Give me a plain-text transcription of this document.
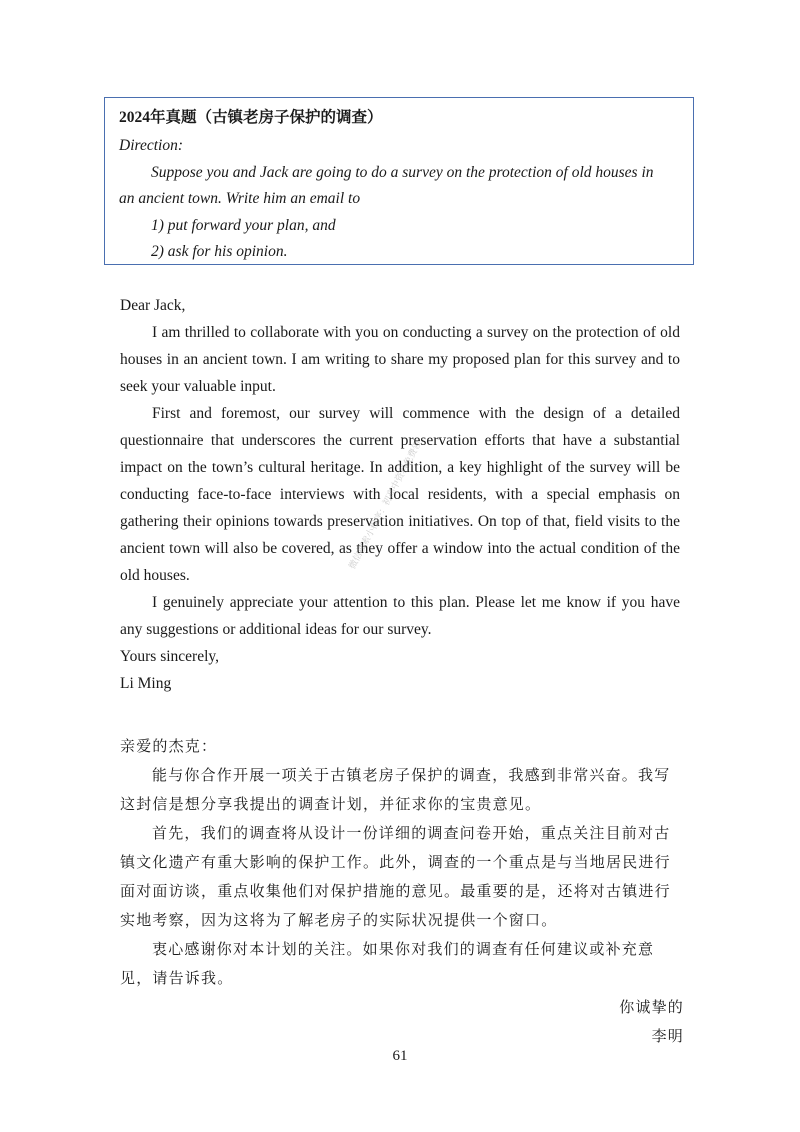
2024年真题（古镇老房子保护的调查）

Direction:

Suppose you and Jack are going to do a survey on the protection of old houses in

an ancient town. Write him an email to

1) put forward your plan, and

2) ask for his opinion.

Dear Jack,

I am thrilled to collaborate with you on conducting a survey on the protection of old houses in an ancient town. I am writing to share my proposed plan for this survey and to seek your valuable input.

First and foremost, our survey will commence with the design of a detailed questionnaire that underscores the current preservation efforts that have a substantial impact on the town’s cultural heritage. In addition, a key highlight of the survey will be conducting face-to-face interviews with local residents, with a special emphasis on gathering their opinions towards preservation initiatives. On top of that, field visits to the ancient town will also be covered, as they offer a window into the actual condition of the old houses.

I genuinely appreciate your attention to this plan. Please let me know if you have any suggestions or additional ideas for our survey.

Yours sincerely,

Li Ming

亲爱的杰克：

能与你合作开展一项关于古镇老房子保护的调查，我感到非常兴奋。我写这封信是想分享我提出的调查计划，并征求你的宝贵意见。

首先，我们的调查将从设计一份详细的调查问卷开始，重点关注目前对古镇文化遗产有重大影响的保护工作。此外，调查的一个重点是与当地居民进行面对面访谈，重点收集他们对保护措施的意见。最重要的是，还将对古镇进行实地考察，因为这将为了解老房子的实际状况提供一个窗口。

衷心感谢你对本计划的关注。如果你对我们的调查有任何建议或补充意见，请告诉我。

你诚挚的

李明

微信搜索小程序：初高中资料免费领
61
